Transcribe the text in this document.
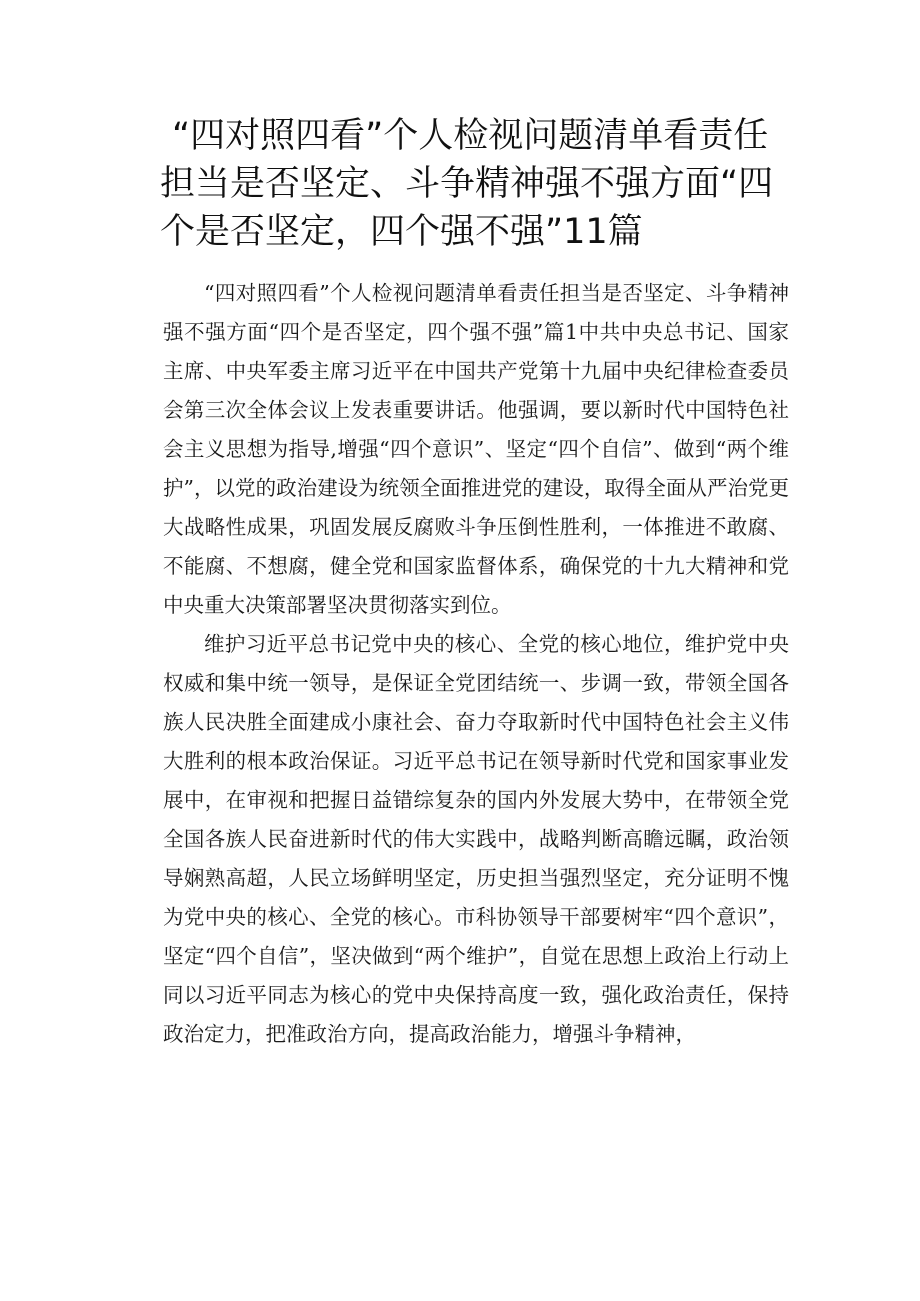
“四对照四看”个人检视问题清单看责任担当是否坚定、斗争精神强不强方面“四个是否坚定，四个强不强”11篇

“四对照四看”个人检视问题清单看责任担当是否坚定、斗争精神强不强方面“四个是否坚定，四个强不强”篇1中共中央总书记、国家主席、中央军委主席习近平在中国共产党第十九届中央纪律检查委员会第三次全体会议上发表重要讲话。他强调，要以新时代中国特色社会主义思想为指导,增强“四个意识”、坚定“四个自信”、做到“两个维护”，以党的政治建设为统领全面推进党的建设，取得全面从严治党更大战略性成果，巩固发展反腐败斗争压倒性胜利，一体推进不敢腐、不能腐、不想腐，健全党和国家监督体系，确保党的十九大精神和党中央重大决策部署坚决贯彻落实到位。

维护习近平总书记党中央的核心、全党的核心地位，维护党中央权威和集中统一领导，是保证全党团结统一、步调一致，带领全国各族人民决胜全面建成小康社会、奋力夺取新时代中国特色社会主义伟大胜利的根本政治保证。习近平总书记在领导新时代党和国家事业发展中，在审视和把握日益错综复杂的国内外发展大势中，在带领全党全国各族人民奋进新时代的伟大实践中，战略判断高瞻远瞩，政治领导娴熟高超，人民立场鲜明坚定，历史担当强烈坚定，充分证明不愧为党中央的核心、全党的核心。市科协领导干部要树牢“四个意识”，坚定“四个自信”，坚决做到“两个维护”，自觉在思想上政治上行动上同以习近平同志为核心的党中央保持高度一致，强化政治责任，保持政治定力，把准政治方向，提高政治能力，增强斗争精神，
